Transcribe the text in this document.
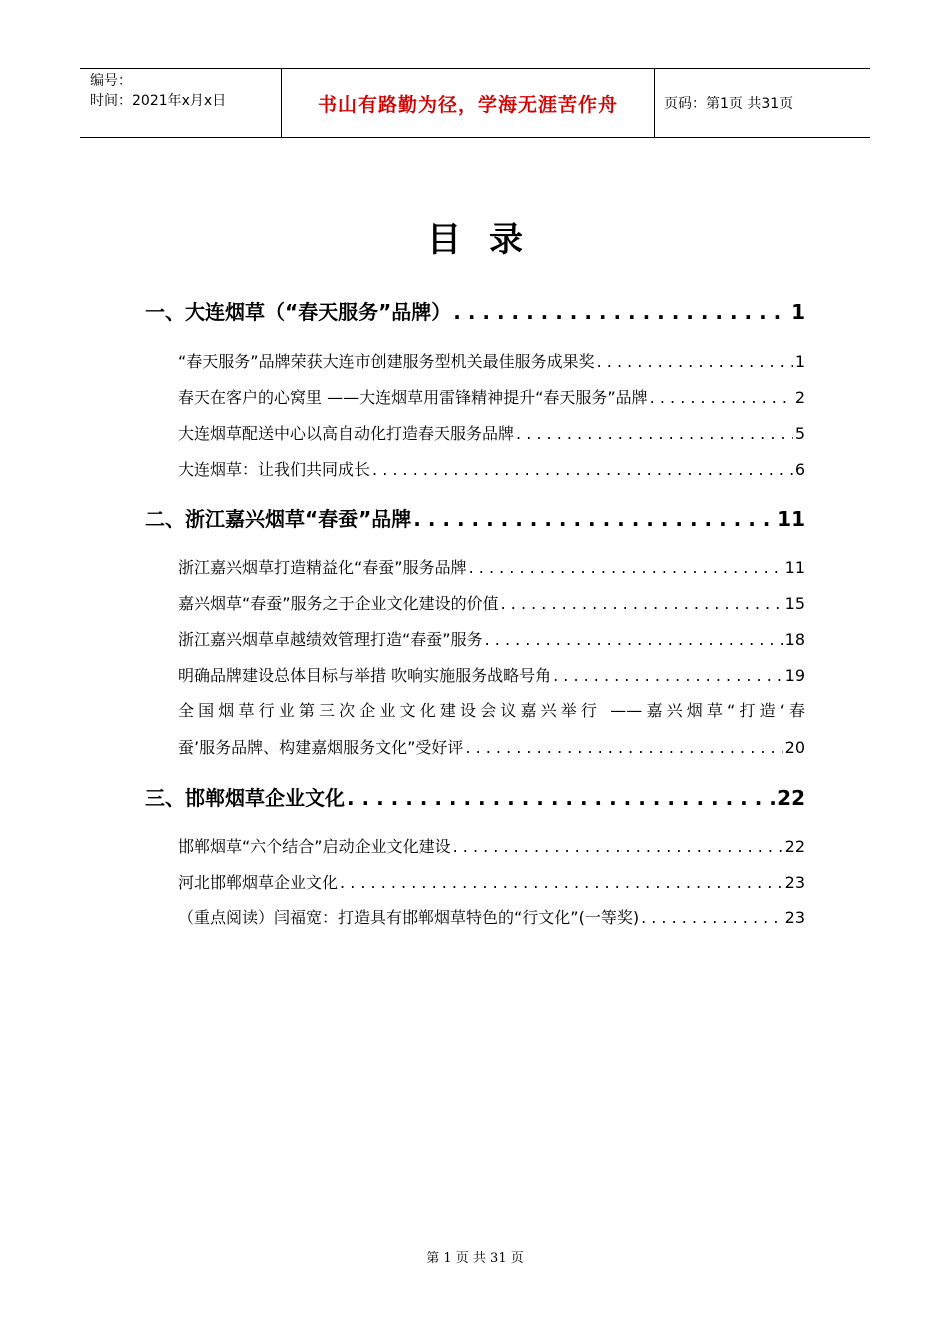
编号：
时间：2021年x月x日	书山有路勤为径，学海无涯苦作舟	页码：第1页 共31页
目录
一、大连烟草（“春天服务”品牌） . . .	1
“春天服务”品牌荣获大连市创建服务型机关最佳服务成果奖 . . .	1
春天在客户的心窝里 ——大连烟草用雷锋精神提升“春天服务”品牌 . . .	2
大连烟草配送中心以高自动化打造春天服务品牌 . . .	5
大连烟草：让我们共同成长 . . .	6
二、浙江嘉兴烟草“春蚕”品牌 . . .	11
浙江嘉兴烟草打造精益化“春蚕”服务品牌 . . .	11
嘉兴烟草“春蚕”服务之于企业文化建设的价值 . . .	15
浙江嘉兴烟草卓越绩效管理打造“春蚕”服务 . . .	18
明确品牌建设总体目标与举措 吹响实施服务战略号角 . . .	19
全国烟草行业第三次企业文化建设会议嘉兴举行 ——嘉兴烟草“打造‘春
蚕’服务品牌、构建嘉烟服务文化”受好评 . . .	20
三、邯郸烟草企业文化 . . .	22
邯郸烟草“六个结合”启动企业文化建设 . . .	22
河北邯郸烟草企业文化 . . .	23
（重点阅读）闫福宽：打造具有邯郸烟草特色的“行文化”(一等奖) . . .	23
第 1 页 共 31 页
